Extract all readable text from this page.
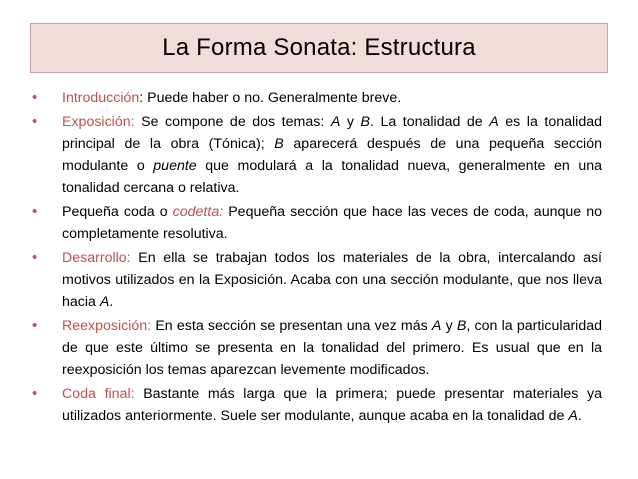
La Forma Sonata: Estructura
• Introducción: Puede haber o no. Generalmente breve.
• Exposición: Se compone de dos temas: A y B. La tonalidad de A es la tonalidad principal de la obra (Tónica); B aparecerá después de una pequeña sección modulante o puente que modulará a la tonalidad nueva, generalmente en una tonalidad cercana o relativa.
• Pequeña coda o codetta: Pequeña sección que hace las veces de coda, aunque no completamente resolutiva.
• Desarrollo: En ella se trabajan todos los materiales de la obra, intercalando así motivos utilizados en la Exposición. Acaba con una sección modulante, que nos lleva hacia A.
• Reexposición: En esta sección se presentan una vez más A y B, con la particularidad de que este último se presenta en la tonalidad del primero. Es usual que en la reexposición los temas aparezcan levemente modificados.
• Coda final: Bastante más larga que la primera; puede presentar materiales ya utilizados anteriormente. Suele ser modulante, aunque acaba en la tonalidad de A.
